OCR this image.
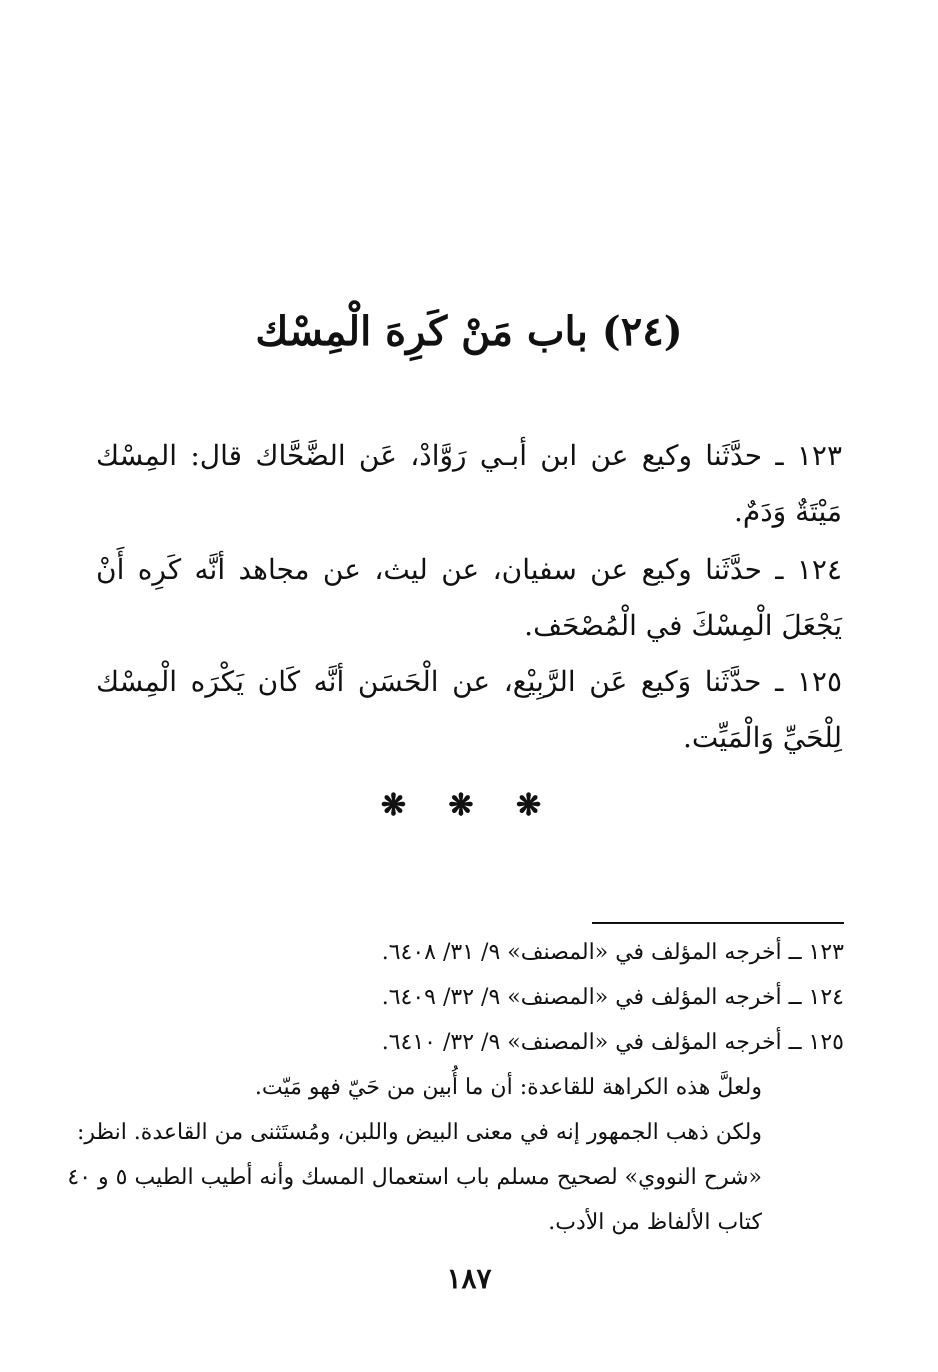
(٢٤) باب مَنْ كَرِهَ الْمِسْك

١٢٣ ـ حدَّثَنا وكيع عن ابن أبـي رَوَّادْ، عَن الضَّحَّاك قال: المِسْك مَيْتَةٌ وَدَمٌ.

١٢٤ ـ حدَّثَنا وكيع عن سفيان، عن ليث، عن مجاهد أنَّه كَرِه أَنْ يَجْعَلَ الْمِسْكَ في الْمُصْحَف.

١٢٥ ـ حدَّثَنا وَكيع عَن الرَّبِيْع، عن الْحَسَن أنَّه كَان يَكْرَه الْمِسْك لِلْحَيِّ وَالْمَيِّت.

❋ ❋ ❋

١٢٣ ــ أخرجه المؤلف في «المصنف» ٩/ ٣١/ ٦٤٠٨.

١٢٤ ــ أخرجه المؤلف في «المصنف» ٩/ ٣٢/ ٦٤٠٩.

١٢٥ ــ أخرجه المؤلف في «المصنف» ٩/ ٣٢/ ٦٤١٠.

ولعلَّ هذه الكراهة للقاعدة: أن ما أُبين من حَيّ فهو مَيّت.

ولكن ذهب الجمهور إنه في معنى البيض واللبن، ومُستَثنى من القاعدة. انظر:

«شرح النووي» لصحيح مسلم باب استعمال المسك وأنه أطيب الطيب ٥ و ٤٠

كتاب الألفاظ من الأدب.

١٨٧
